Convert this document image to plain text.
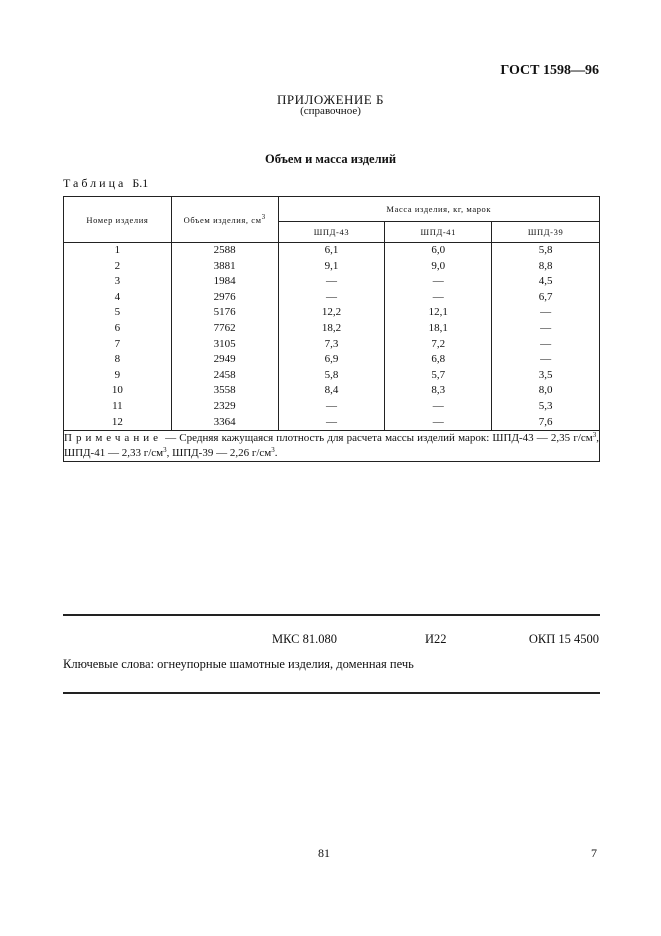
ГОСТ 1598—96
ПРИЛОЖЕНИЕ Б
(справочное)
Объем и масса изделий
Таблица Б.1
Номер изделия	Объем изделия, $см^3$	Масса изделия, кг, марок		
		ШПД-43	ШПД-41	ШПД-39
1	2588	6,1	6,0	5,8
2	3881	9,1	9,0	8,8
3	1984	—	—	4,5
4	2976	—	—	6,7
5	5176	12,2	12,1	—
6	7762	18,2	18,1	—
7	3105	7,3	7,2	—
8	2949	6,9	6,8	—
9	2458	5,8	5,7	3,5
10	3558	8,4	8,3	8,0
11	2329	—	—	5,3
12	3364	—	—	7,6
Примечание — Средняя кажущаяся плотность для расчета массы изделий марок: ШПД-43 — 2,35 $г/см^3$, ШПД-41 — 2,33 $г/см^3$, ШПД-39 — 2,26 $г/см^3$.				
МКС 81.080	И22	ОКП 15 4500
Ключевые слова: огнеупорные шамотные изделия, доменная печь
81	7
